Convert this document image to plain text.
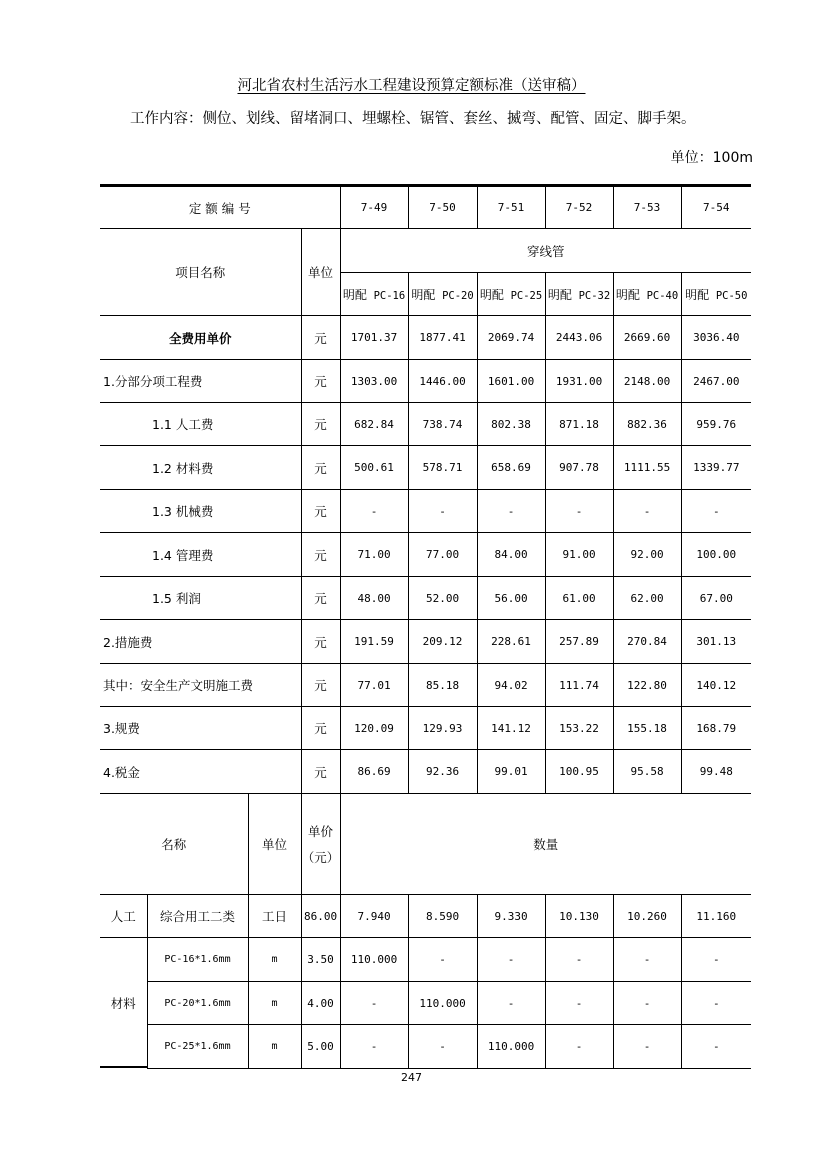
河北省农村生活污水工程建设预算定额标准（送审稿）
工作内容：侧位、划线、留堵洞口、埋螺栓、锯管、套丝、揻弯、配管、固定、脚手架。
单位：100m
定 额 编 号				7-49	7-50	7-51	7-52	7-53	7-54
项目名称			单位	穿线管					
				明配 PC-16	明配 PC-20	明配 PC-25	明配 PC-32	明配 PC-40	明配 PC-50
全费用单价			元	1701.37	1877.41	2069.74	2443.06	2669.60	3036.40
1.分部分项工程费			元	1303.00	1446.00	1601.00	1931.00	2148.00	2467.00
1.1 人工费			元	682.84	738.74	802.38	871.18	882.36	959.76
1.2 材料费			元	500.61	578.71	658.69	907.78	1111.55	1339.77
1.3 机械费			元	-	-	-	-	-	-
1.4 管理费			元	71.00	77.00	84.00	91.00	92.00	100.00
1.5 利润			元	48.00	52.00	56.00	61.00	62.00	67.00
2.措施费			元	191.59	209.12	228.61	257.89	270.84	301.13
其中：安全生产文明施工费			元	77.01	85.18	94.02	111.74	122.80	140.12
3.规费			元	120.09	129.93	141.12	153.22	155.18	168.79
4.税金			元	86.69	92.36	99.01	100.95	95.58	99.48
名称		单位	单价
（元）	数量					
人工	综合用工二类	工日	86.00	7.940	8.590	9.330	10.130	10.260	11.160
材料	PC-16*1.6mm	m	3.50	110.000	-	-	-	-	-
	PC-20*1.6mm	m	4.00	-	110.000	-	-	-	-
	PC-25*1.6mm	m	5.00	-	-	110.000	-	-	-
247
